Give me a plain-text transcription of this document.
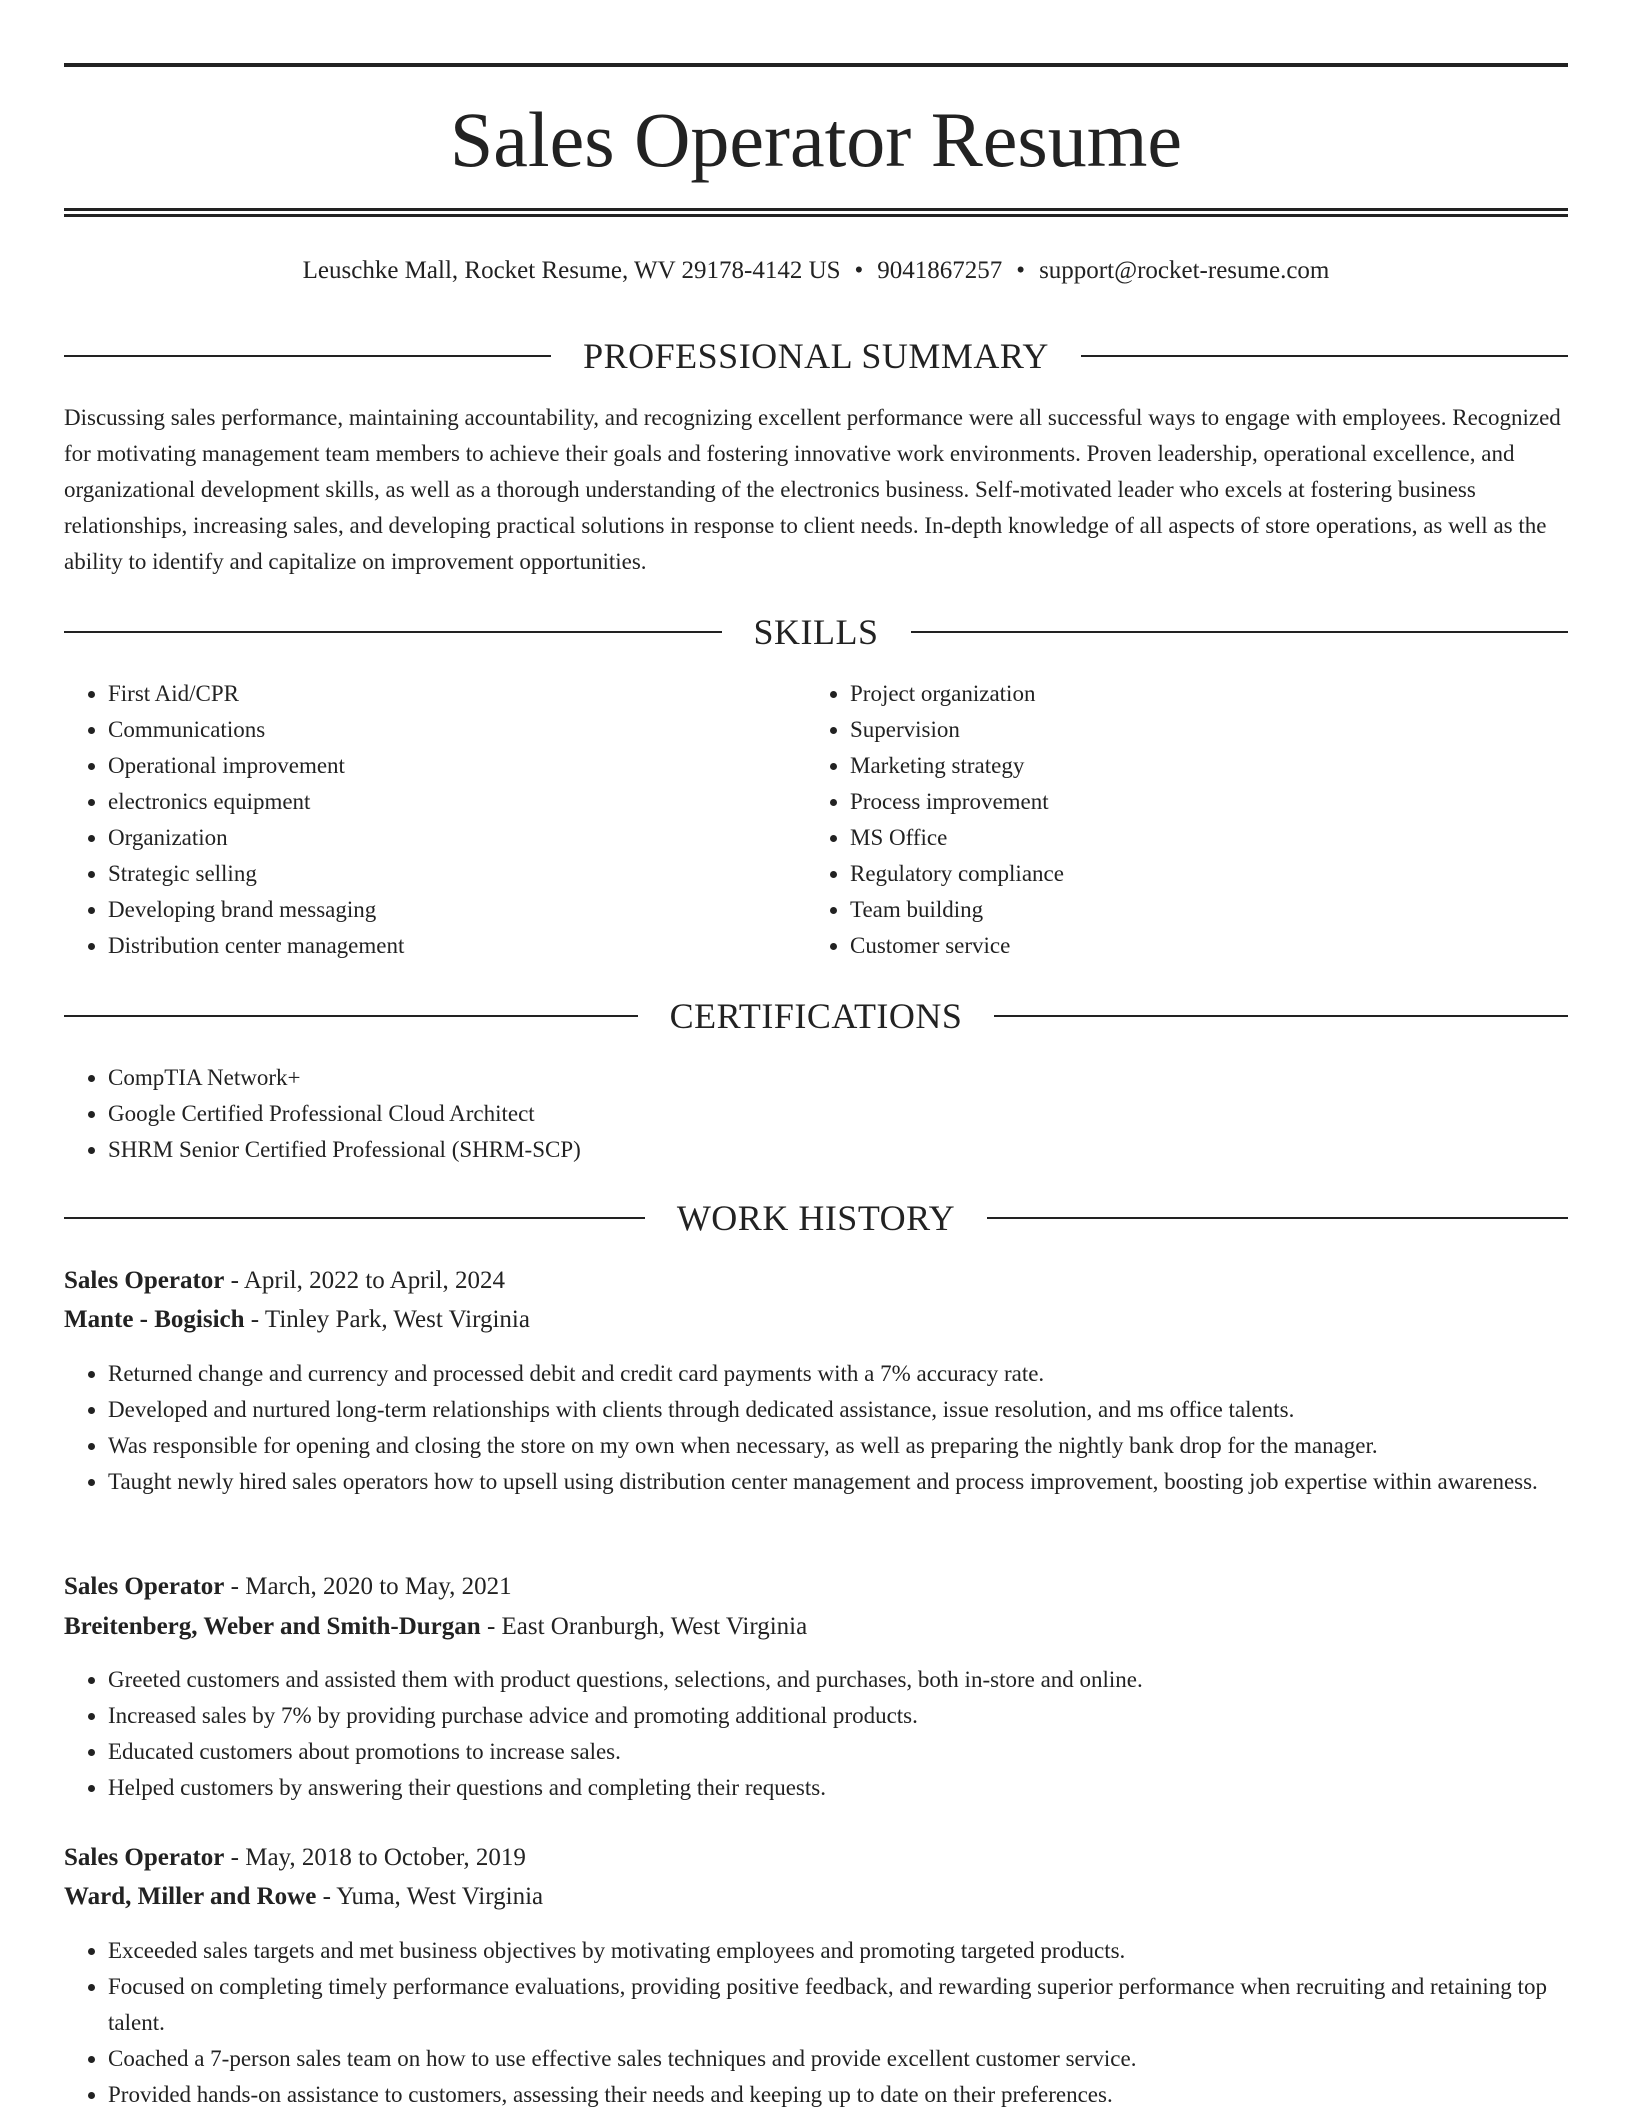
Sales Operator Resume
Leuschke Mall, Rocket Resume, WV 29178-4142 US • 9041867257 • support@rocket-resume.com
PROFESSIONAL SUMMARY
Discussing sales performance, maintaining accountability, and recognizing excellent performance were all successful ways to engage with employees. Recognized for motivating management team members to achieve their goals and fostering innovative work environments. Proven leadership, operational excellence, and organizational development skills, as well as a thorough understanding of the electronics business. Self-motivated leader who excels at fostering business relationships, increasing sales, and developing practical solutions in response to client needs. In-depth knowledge of all aspects of store operations, as well as the ability to identify and capitalize on improvement opportunities.
SKILLS
• First Aid/CPR
• Communications
• Operational improvement
• electronics equipment
• Organization
• Strategic selling
• Developing brand messaging
• Distribution center management
• Project organization
• Supervision
• Marketing strategy
• Process improvement
• MS Office
• Regulatory compliance
• Team building
• Customer service
CERTIFICATIONS
• CompTIA Network+
• Google Certified Professional Cloud Architect
• SHRM Senior Certified Professional (SHRM-SCP)
WORK HISTORY
Sales Operator - April, 2022 to April, 2024
Mante - Bogisich - Tinley Park, West Virginia
• Returned change and currency and processed debit and credit card payments with a 7% accuracy rate.
• Developed and nurtured long-term relationships with clients through dedicated assistance, issue resolution, and ms office talents.
• Was responsible for opening and closing the store on my own when necessary, as well as preparing the nightly bank drop for the manager.
• Taught newly hired sales operators how to upsell using distribution center management and process improvement, boosting job expertise within awareness.
Sales Operator - March, 2020 to May, 2021
Breitenberg, Weber and Smith-Durgan - East Oranburgh, West Virginia
• Greeted customers and assisted them with product questions, selections, and purchases, both in-store and online.
• Increased sales by 7% by providing purchase advice and promoting additional products.
• Educated customers about promotions to increase sales.
• Helped customers by answering their questions and completing their requests.
Sales Operator - May, 2018 to October, 2019
Ward, Miller and Rowe - Yuma, West Virginia
• Exceeded sales targets and met business objectives by motivating employees and promoting targeted products.
• Focused on completing timely performance evaluations, providing positive feedback, and rewarding superior performance when recruiting and retaining top talent.
• Coached a 7-person sales team on how to use effective sales techniques and provide excellent customer service.
• Provided hands-on assistance to customers, assessing their needs and keeping up to date on their preferences.
